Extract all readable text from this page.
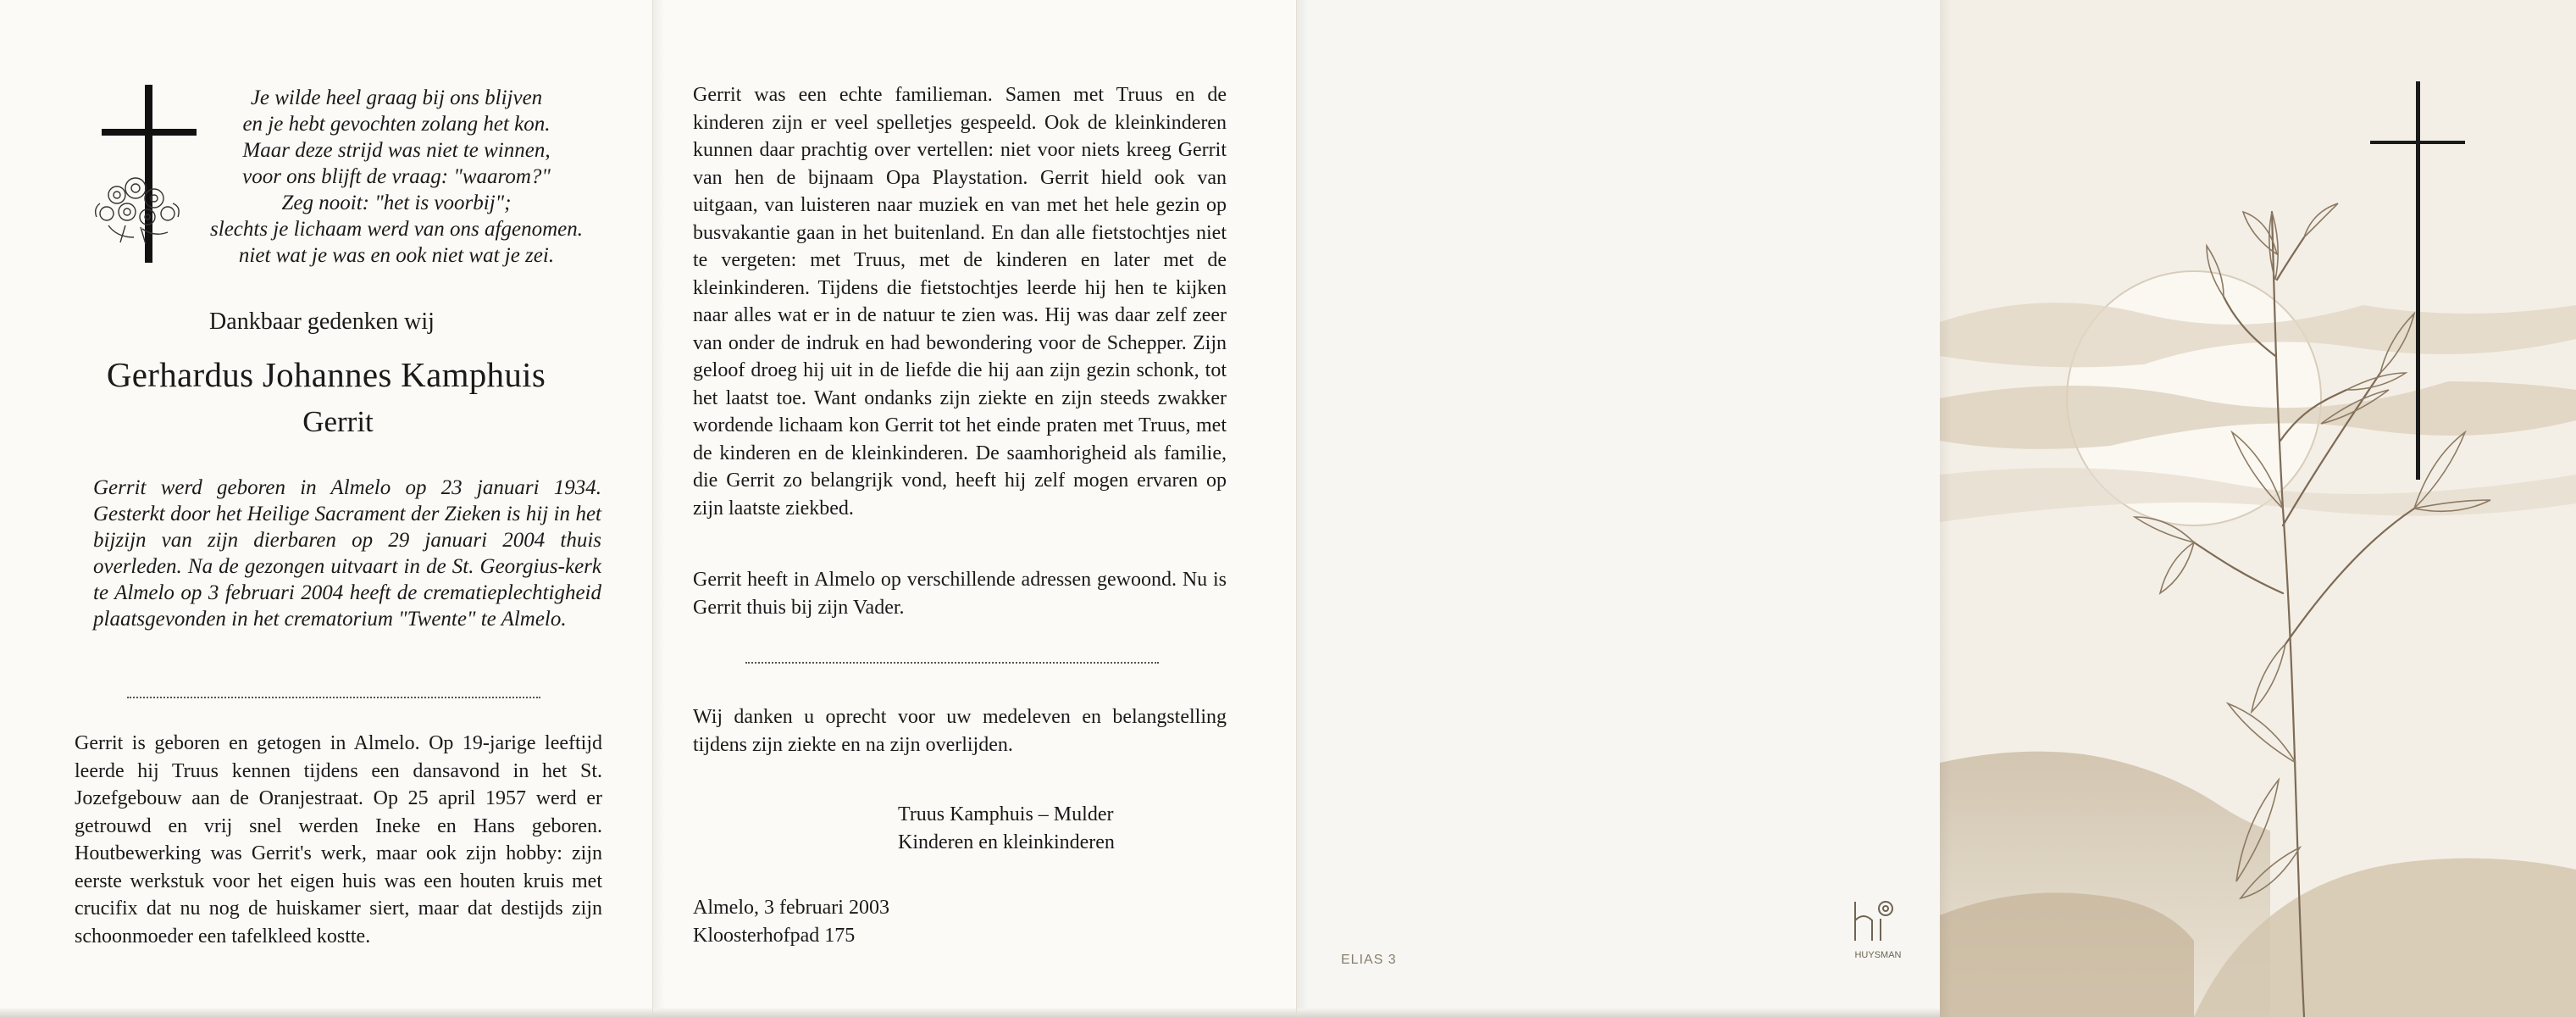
Je wilde heel graag bij ons blijven
en je hebt gevochten zolang het kon.
Maar deze strijd was niet te winnen,
voor ons blijft de vraag: "waarom?"
Zeg nooit: "het is voorbij";
slechts je lichaam werd van ons afgenomen.
niet wat je was en ook niet wat je zei.

Dankbaar gedenken wij

Gerhardus Johannes Kamphuis

Gerrit

Gerrit werd geboren in Almelo op 23 januari 1934. Gesterkt door het Heilige Sacrament der Zieken is hij in het bijzijn van zijn dierbaren op 29 januari 2004 thuis overleden. Na de gezongen uitvaart in de St. Georgius-kerk te Almelo op 3 februari 2004 heeft de crematieplechtigheid plaatsgevonden in het crematorium "Twente" te Almelo.

Gerrit is geboren en getogen in Almelo. Op 19-jarige leeftijd leerde hij Truus kennen tijdens een dansavond in het St. Jozefgebouw aan de Oranjestraat. Op 25 april 1957 werd er getrouwd en vrij snel werden Ineke en Hans geboren. Houtbewerking was Gerrit's werk, maar ook zijn hobby: zijn eerste werkstuk voor het eigen huis was een houten kruis met crucifix dat nu nog de huiskamer siert, maar dat destijds zijn schoonmoeder een tafelkleed kostte.

Gerrit was een echte familieman. Samen met Truus en de kinderen zijn er veel spelletjes gespeeld. Ook de kleinkinderen kunnen daar prachtig over vertellen: niet voor niets kreeg Gerrit van hen de bijnaam Opa Playstation. Gerrit hield ook van uitgaan, van luisteren naar muziek en van met het hele gezin op busvakantie gaan in het buitenland. En dan alle fietstochtjes niet te vergeten: met Truus, met de kinderen en later met de kleinkinderen. Tijdens die fietstochtjes leerde hij hen te kijken naar alles wat er in de natuur te zien was. Hij was daar zelf zeer van onder de indruk en had bewondering voor de Schepper. Zijn geloof droeg hij uit in de liefde die hij aan zijn gezin schonk, tot het laatst toe. Want ondanks zijn ziekte en zijn steeds zwakker wordende lichaam kon Gerrit tot het einde praten met Truus, met de kinderen en de kleinkinderen. De saamhorigheid als familie, die Gerrit zo belangrijk vond, heeft hij zelf mogen ervaren op zijn laatste ziekbed.

Gerrit heeft in Almelo op verschillende adressen gewoond. Nu is Gerrit thuis bij zijn Vader.

Wij danken u oprecht voor uw medeleven en belangstelling tijdens zijn ziekte en na zijn overlijden.

Truus Kamphuis – Mulder
Kinderen en kleinkinderen
Almelo, 3 februari 2003
Kloosterhofpad 175

ELIAS 3	HUYSMAN
